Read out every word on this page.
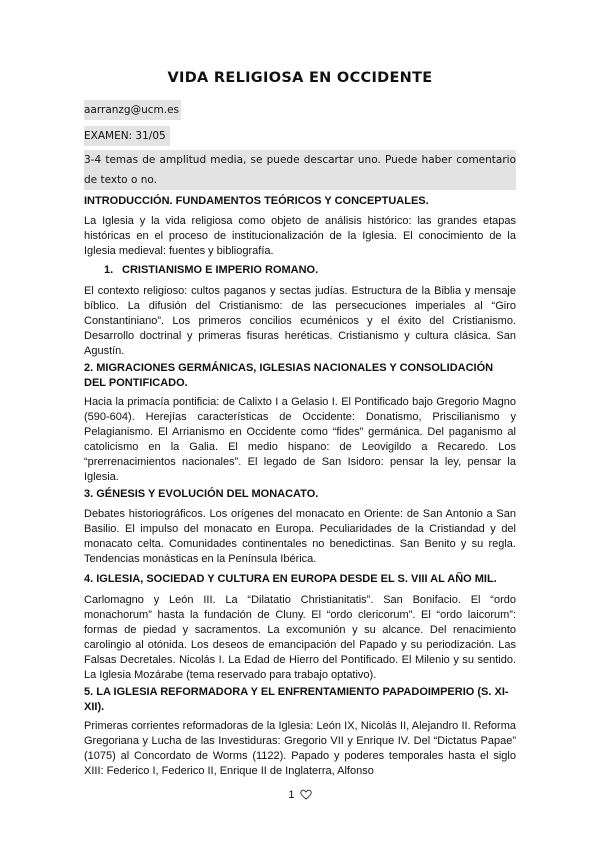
VIDA RELIGIOSA EN OCCIDENTE
aarranzg@ucm.es
EXAMEN: 31/05
3-4 temas de amplitud media, se puede descartar uno. Puede haber comentario de texto o no.
INTRODUCCIÓN. FUNDAMENTOS TEÓRICOS Y CONCEPTUALES.
La Iglesia y la vida religiosa como objeto de análisis histórico: las grandes etapas históricas en el proceso de institucionalización de la Iglesia. El conocimiento de la Iglesia medieval: fuentes y bibliografía.
1. CRISTIANISMO E IMPERIO ROMANO.
El contexto religioso: cultos paganos y sectas judías. Estructura de la Biblia y mensaje bíblico. La difusión del Cristianismo: de las persecuciones imperiales al “Giro Constantiniano”. Los primeros concilios ecuménicos y el éxito del Cristianismo. Desarrollo doctrinal y primeras fisuras heréticas. Cristianismo y cultura clásica. San Agustín.
2. MIGRACIONES GERMÁNICAS, IGLESIAS NACIONALES Y CONSOLIDACIÓN DEL PONTIFICADO.
Hacia la primacía pontificia: de Calixto I a Gelasio I. El Pontificado bajo Gregorio Magno (590-604). Herejías características de Occidente: Donatismo, Priscilianismo y Pelagianismo. El Arrianismo en Occidente como “fides” germánica. Del paganismo al catolicismo en la Galia. El medio hispano: de Leovigildo a Recaredo. Los “prerrenacimientos nacionales”. El legado de San Isidoro: pensar la ley, pensar la Iglesia.
3. GÉNESIS Y EVOLUCIÓN DEL MONACATO.
Debates historiográficos. Los orígenes del monacato en Oriente: de San Antonio a San Basilio. El impulso del monacato en Europa. Peculiaridades de la Cristiandad y del monacato celta. Comunidades continentales no benedictinas. San Benito y su regla. Tendencias monásticas en la Península Ibérica.
4. IGLESIA, SOCIEDAD Y CULTURA EN EUROPA DESDE EL S. VIII AL AÑO MIL.
Carlomagno y León III. La “Dilatatio Christianitatis”. San Bonifacio. El “ordo monachorum” hasta la fundación de Cluny. El “ordo clericorum”. El “ordo laicorum”: formas de piedad y sacramentos. La excomunión y su alcance. Del renacimiento carolingio al otónida. Los deseos de emancipación del Papado y su periodización. Las Falsas Decretales. Nicolás I. La Edad de Hierro del Pontificado. El Milenio y su sentido. La Iglesia Mozárabe (tema reservado para trabajo optativo).
5. LA IGLESIA REFORMADORA Y EL ENFRENTAMIENTO PAPADOIMPERIO (S. XI-XII).
Primeras corrientes reformadoras de la Iglesia: León IX, Nicolás II, Alejandro II. Reforma Gregoriana y Lucha de las Investiduras: Gregorio VII y Enrique IV. Del “Dictatus Papae” (1075) al Concordato de Worms (1122). Papado y poderes temporales hasta el siglo XIII: Federico I, Federico II, Enrique II de Inglaterra, Alfonso
1
